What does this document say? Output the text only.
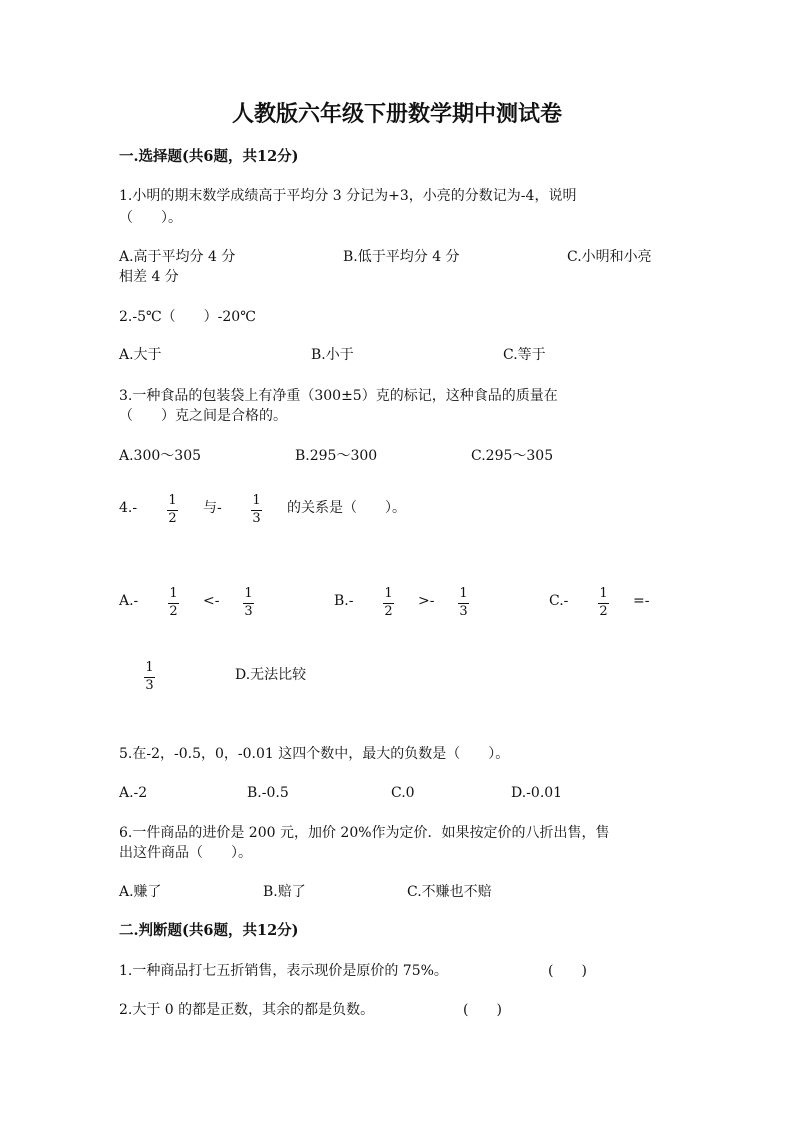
人教版六年级下册数学期中测试卷
一.选择题(共6题，共12分)
1.小明的期末数学成绩高于平均分 3 分记为+3，小亮的分数记为-4，说明
（　　）。
A.高于平均分 4 分	B.低于平均分 4 分	C.小明和小亮
相差 4 分
2.-5℃（　　）-20℃
A.大于	B.小于	C.等于
3.一种食品的包装袋上有净重（300±5）克的标记，这种食品的质量在
（　　）克之间是合格的。
A.300～305	B.295～300	C.295～305
4.- 1
2
与- 1
3
的关系是（　　）。
A.- 1
2
<- 1
3
B.- 1
2
>- 1
3
C.- 1
2
=-
1
3
D.无法比较
5.在-2，-0.5，0，-0.01 这四个数中，最大的负数是（　　）。
A.-2	B.-0.5	C.0	D.-0.01
6.一件商品的进价是 200 元，加价 20%作为定价．如果按定价的八折出售，售
出这件商品（　　）。
A.赚了	B.赔了	C.不赚也不赔
二.判断题(共6题，共12分)
1.一种商品打七五折销售，表示现价是原价的 75%。	(　　)
2.大于 0 的都是正数，其余的都是负数。	(　　)
